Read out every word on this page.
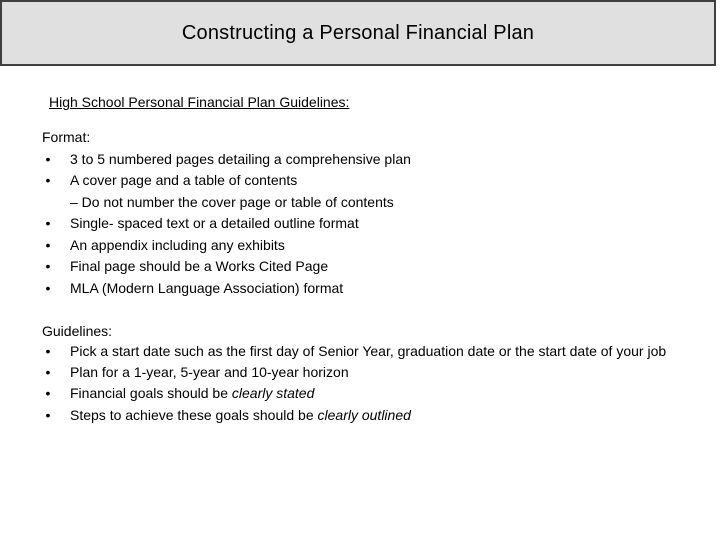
Constructing a Personal Financial Plan
High School Personal Financial Plan Guidelines:

Format:

• 3 to 5 numbered pages detailing a comprehensive plan
• A cover page and a table of contents
– Do not number the cover page or table of contents
• Single- spaced text or a detailed outline format
• An appendix including any exhibits
• Final page should be a Works Cited Page
• MLA (Modern Language Association) format

Guidelines:

• Pick a start date such as the first day of Senior Year, graduation date or the start date of your job
• Plan for a 1-year, 5-year and 10-year horizon
• Financial goals should be clearly stated
• Steps to achieve these goals should be clearly outlined
